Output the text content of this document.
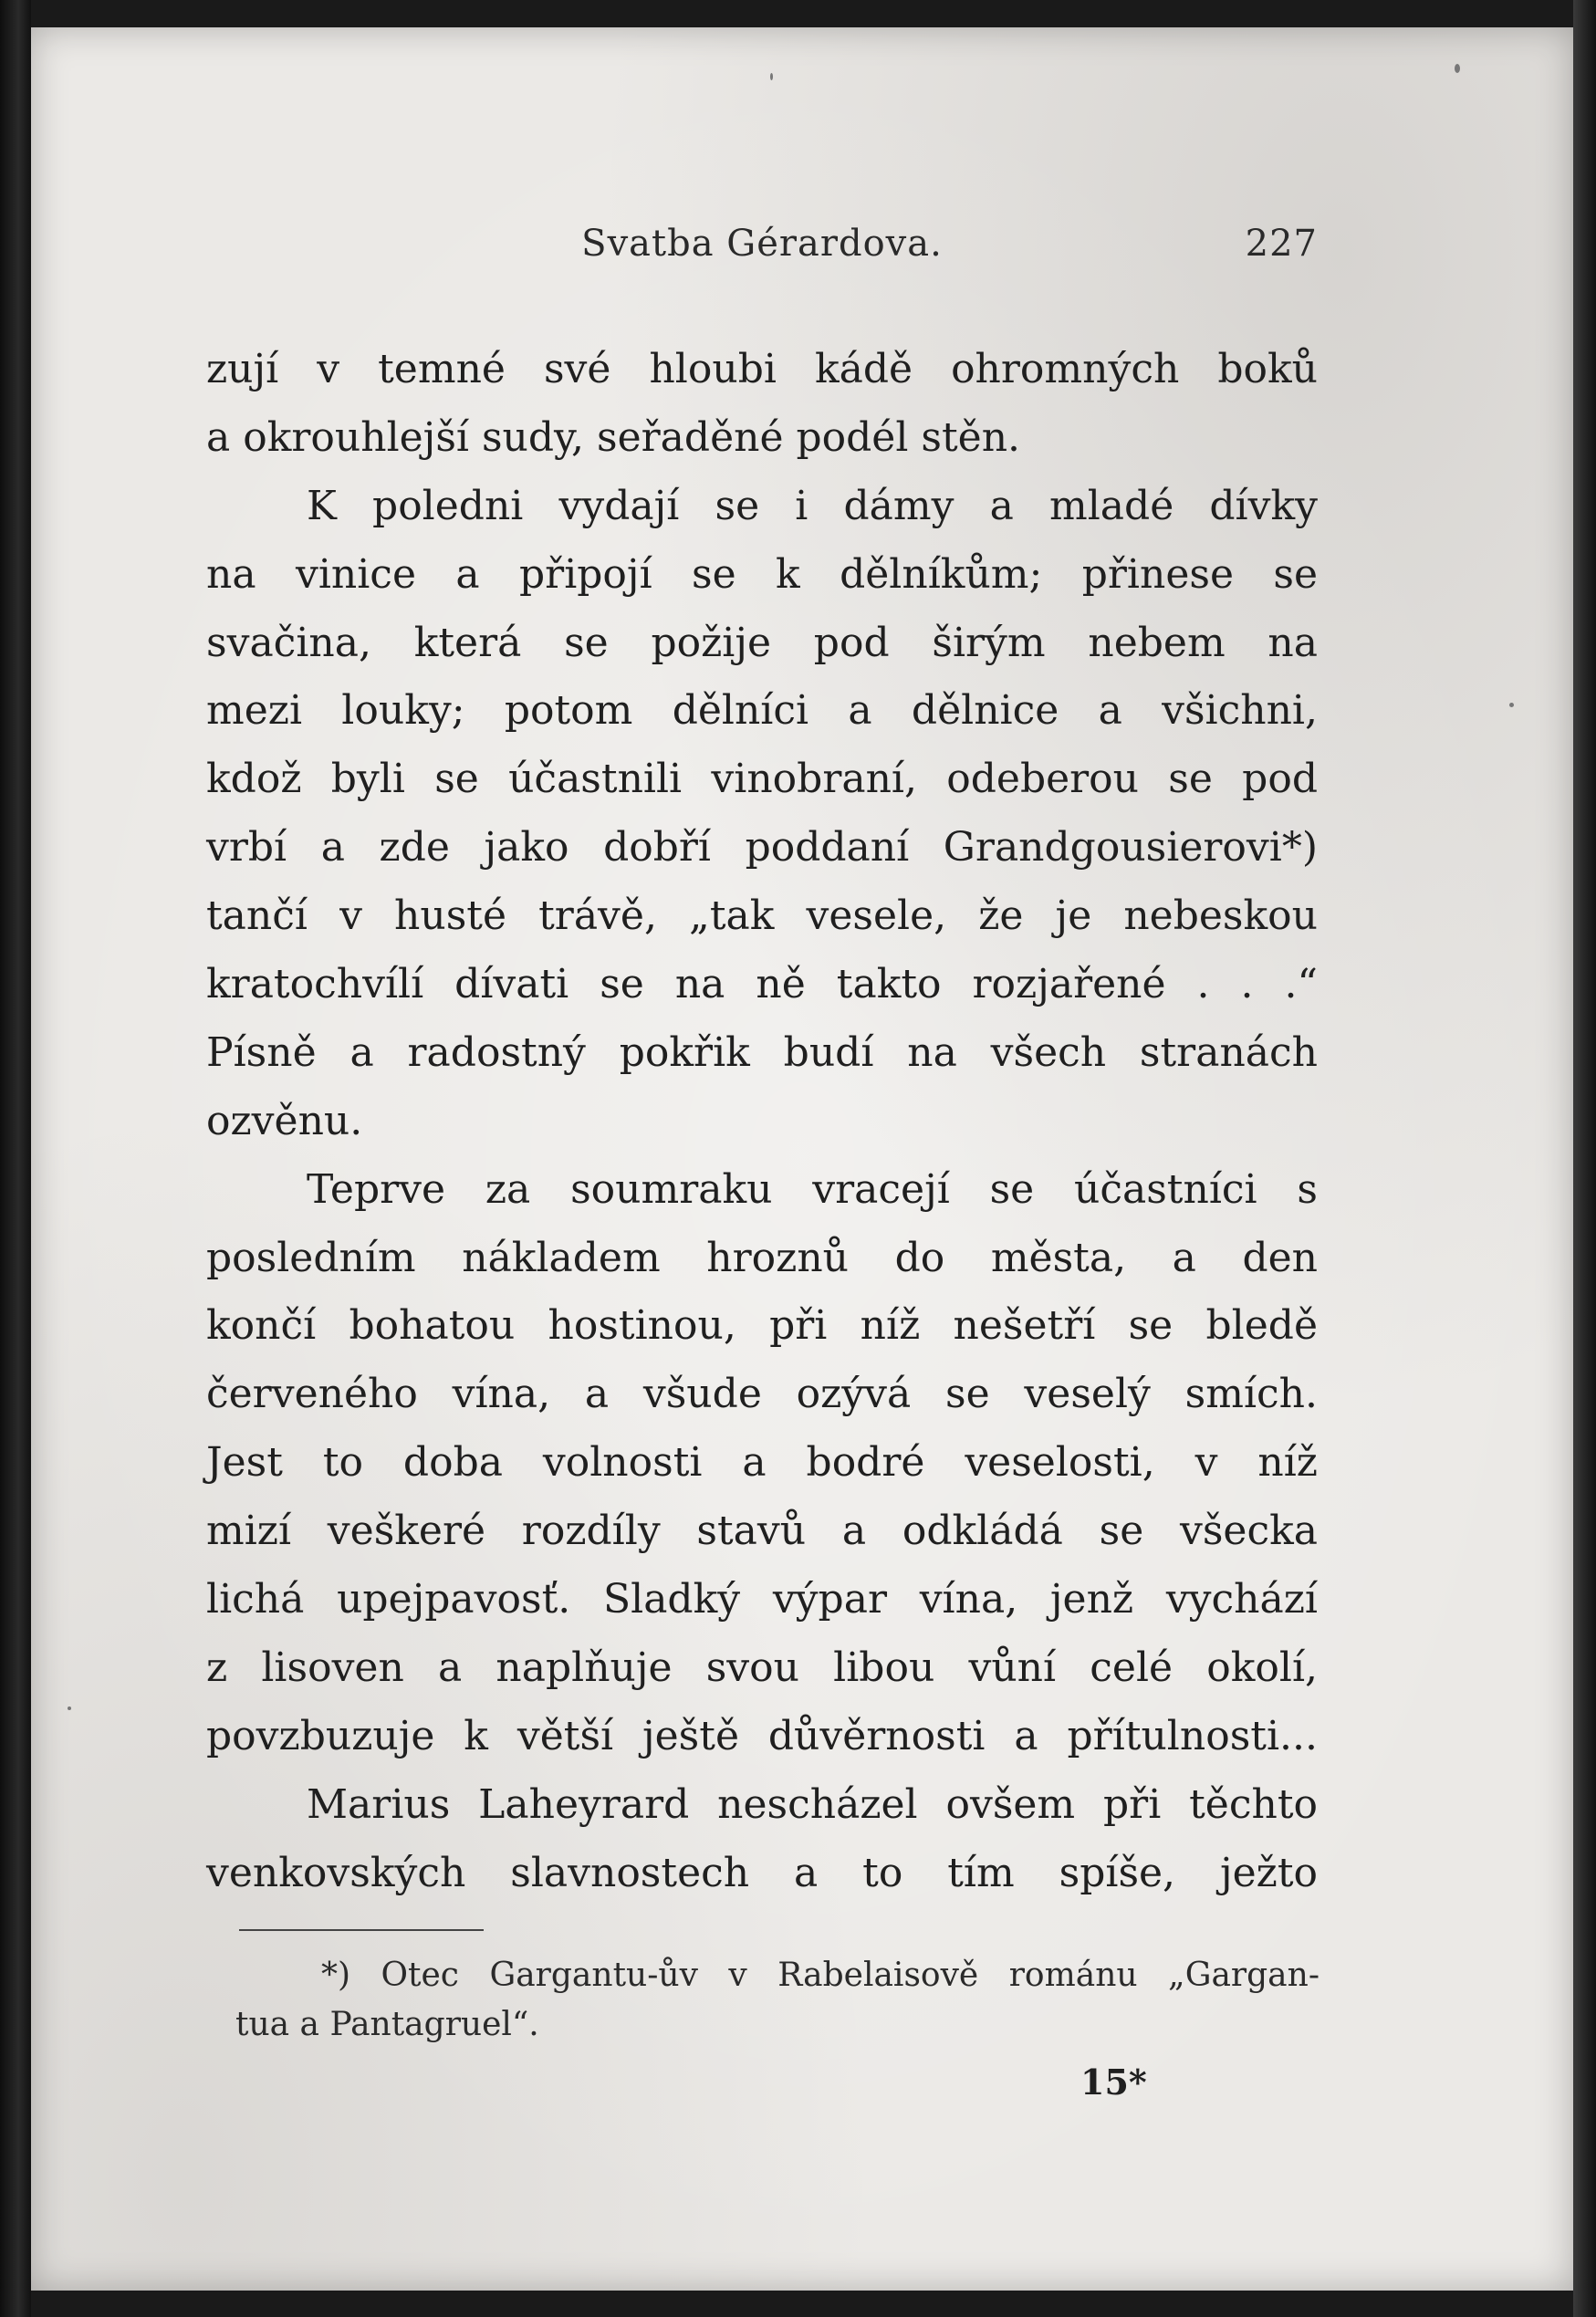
Svatba Gérardova.	227
zují v temné své hloubi kádě ohromných boků
a okrouhlejší sudy, seřaděné podél stěn.
K poledni vydají se i dámy a mladé dívky
na vinice a připojí se k dělníkům; přinese se
svačina, která se požije pod širým nebem na
mezi louky; potom dělníci a dělnice a všichni,
kdož byli se účastnili vinobraní, odeberou se pod
vrbí a zde jako dobří poddaní Grandgousierovi*)
tančí v husté trávě, „tak vesele, že je nebeskou
kratochvílí dívati se na ně takto rozjařené . . .“
Písně a radostný pokřik budí na všech stranách
ozvěnu.
Teprve za soumraku vracejí se účastníci s
posledním nákladem hroznů do města, a den
končí bohatou hostinou, při níž nešetří se bledě
červeného vína, a všude ozývá se veselý smích.
Jest to doba volnosti a bodré veselosti, v níž
mizí veškeré rozdíly stavů a odkládá se všecka
lichá upejpavosť. Sladký výpar vína, jenž vychází
z lisoven a naplňuje svou libou vůní celé okolí,
povzbuzuje k větší ještě důvěrnosti a přítulnosti...
Marius Laheyrard nescházel ovšem při těchto
venkovských slavnostech a to tím spíše, ježto
*) Otec Gargantu-ův v Rabelaisově románu „Gargan-
tua a Pantagruel“.
15*
